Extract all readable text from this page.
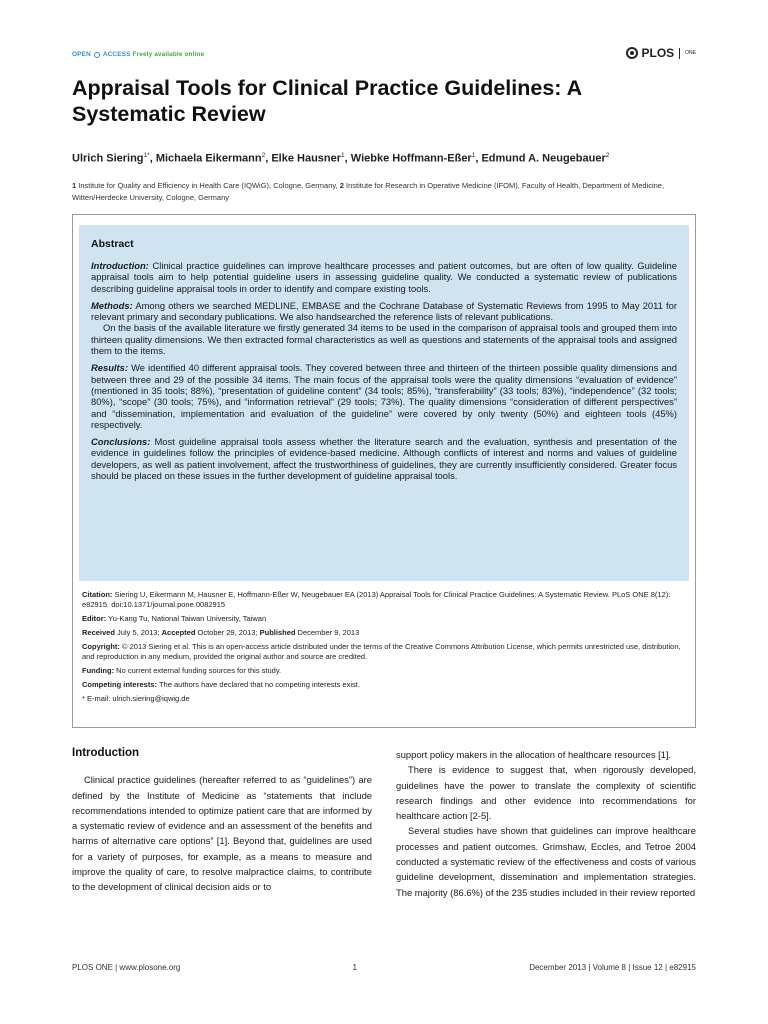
OPEN ACCESS Freely available online	PLOS ONE
Appraisal Tools for Clinical Practice Guidelines: A Systematic Review
Ulrich Siering$^{1*}$, Michaela Eikermann$^2$, Elke Hausner$^1$, Wiebke Hoffmann-Eßer$^1$, Edmund A. Neugebauer$^2$
1 Institute for Quality and Efficiency in Health Care (IQWiG), Cologne, Germany, 2 Institute for Research in Operative Medicine (IFOM), Faculty of Health, Department of Medicine, Witten/Herdecke University, Cologne, Germany
Abstract

Introduction: Clinical practice guidelines can improve healthcare processes and patient outcomes, but are often of low quality. Guideline appraisal tools aim to help potential guideline users in assessing guideline quality. We conducted a systematic review of publications describing guideline appraisal tools in order to identify and compare existing tools.

Methods: Among others we searched MEDLINE, EMBASE and the Cochrane Database of Systematic Reviews from 1995 to May 2011 for relevant primary and secondary publications. We also handsearched the reference lists of relevant publications.

On the basis of the available literature we firstly generated 34 items to be used in the comparison of appraisal tools and grouped them into thirteen quality dimensions. We then extracted formal characteristics as well as questions and statements of the appraisal tools and assigned them to the items.

Results: We identified 40 different appraisal tools. They covered between three and thirteen of the thirteen possible quality dimensions and between three and 29 of the possible 34 items. The main focus of the appraisal tools were the quality dimensions “evaluation of evidence” (mentioned in 35 tools; 88%), “presentation of guideline content” (34 tools; 85%), “transferability” (33 tools; 83%), “independence” (32 tools; 80%), “scope” (30 tools; 75%), and “information retrieval” (29 tools; 73%). The quality dimensions “consideration of different perspectives” and “dissemination, implementation and evaluation of the guideline” were covered by only twenty (50%) and eighteen tools (45%) respectively.

Conclusions: Most guideline appraisal tools assess whether the literature search and the evaluation, synthesis and presentation of the evidence in guidelines follow the principles of evidence-based medicine. Although conflicts of interest and norms and values of guideline developers, as well as patient involvement, affect the trustworthiness of guidelines, they are currently insufficiently considered. Greater focus should be placed on these issues in the further development of guideline appraisal tools.

Citation: Siering U, Eikermann M, Hausner E, Hoffmann-Eßer W, Neugebauer EA (2013) Appraisal Tools for Clinical Practice Guidelines: A Systematic Review. PLoS ONE 8(12): e82915. doi:10.1371/journal.pone.0082915

Editor: Yu-Kang Tu, National Taiwan University, Taiwan

Received July 5, 2013; Accepted October 29, 2013; Published December 9, 2013

Copyright: © 2013 Siering et al. This is an open-access article distributed under the terms of the Creative Commons Attribution License, which permits unrestricted use, distribution, and reproduction in any medium, provided the original author and source are credited.

Funding: No current external funding sources for this study.

Competing interests: The authors have declared that no competing interests exist.

* E-mail: ulrich.siering@iqwig.de

Introduction

Clinical practice guidelines (hereafter referred to as “guidelines”) are defined by the Institute of Medicine as “statements that include recommendations intended to optimize patient care that are informed by a systematic review of evidence and an assessment of the benefits and harms of alternative care options” [1]. Beyond that, guidelines are used for a variety of purposes, for example, as a means to measure and improve the quality of care, to resolve malpractice claims, to contribute to the development of clinical decision aids or to

support policy makers in the allocation of healthcare resources [1].

There is evidence to suggest that, when rigorously developed, guidelines have the power to translate the complexity of scientific research findings and other evidence into recommendations for healthcare action [2-5].

Several studies have shown that guidelines can improve healthcare processes and patient outcomes. Grimshaw, Eccles, and Tetroe 2004 conducted a systematic review of the effectiveness and costs of various guideline development, dissemination and implementation strategies. The majority (86.6%) of the 235 studies included in their review reported

PLOS ONE | www.plosone.org	1	December 2013 | Volume 8 | Issue 12 | e82915
